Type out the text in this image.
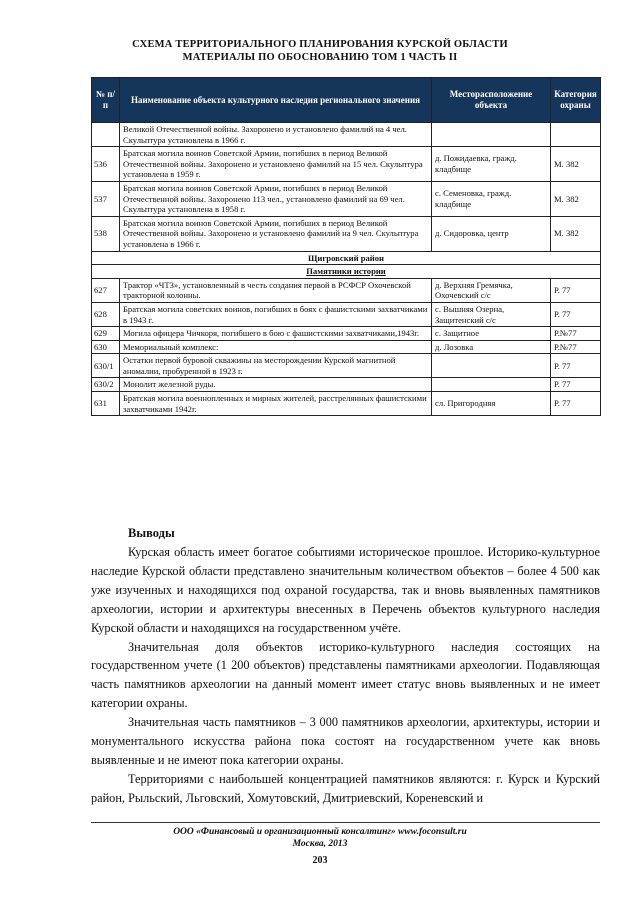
СХЕМА ТЕРРИТОРИАЛЬНОГО ПЛАНИРОВАНИЯ КУРСКОЙ ОБЛАСТИ
МАТЕРИАЛЫ ПО ОБОСНОВАНИЮ ТОМ 1 ЧАСТЬ II
№ п/п	Наименование объекта культурного наследия регионального значения	Месторасположение объекта	Категория охраны
	Великой Отечественной войны. Захоронено и установлено фамилий на 4 чел. Скульптура установлена в 1966 г.		
536	Братская могила воинов Советской Армии, погибших в период Великой Отечественной войны. Захоронено и установлено фамилий на 15 чел. Скульптура установлена в 1959 г.	д. Пожидаевка, гражд. кладбище	М. 382
537	Братская могила воинов Советской Армии, погибших в период Великой Отечественной войны. Захоронено 113 чел., установлено фамилий на 69 чел. Скульптура установлена в 1958 г.	с. Семеновка, гражд. кладбище	М. 382
538	Братская могила воинов Советской Армии, погибших в период Великой Отечественной войны. Захоронено и установлено фамилий на 9 чел. Скульптура установлена в 1966 г.	д. Сидоровка, центр	М. 382
Щигровский район			
Памятники истории			
627	Трактор «ЧТЗ», установленный в честь создания первой в РСФСР Охочевской тракторной колонны.	д. Верхняя Гремячка, Охочевский с/с	Р. 77
628	Братская могила советских воинов, погибших в боях с фашистскими захватчиками в 1943 г.	с. Вышняя Озерна, Защитенский с/с	Р. 77
629	Могила офицера Чичкоря, погибшего в бою с фашистскими захватчиками,1943г.	с. Защитное	Р.№77
630	Мемориальный комплекс:	д. Лозовка	Р.№77
630/1	Остатки первой буровой скважины на месторождении Курской магнитной аномалии, пробуренной в 1923 г.		Р. 77
630/2	Монолит железной руды.		Р. 77
631	Братская могила военнопленных и мирных жителей, расстрелянных фашистскими захватчиками 1942г.	сл. Пригородняя	Р. 77
Выводы

Курская область имеет богатое событиями историческое прошлое. Историко-культурное наследие Курской области представлено значительным количеством объектов – более 4 500 как уже изученных и находящихся под охраной государства, так и вновь выявленных памятников археологии, истории и архитектуры внесенных в Перечень объектов культурного наследия Курской области и находящихся на государственном учёте.

Значительная доля объектов историко-культурного наследия состоящих на государственном учете (1 200 объектов) представлены памятниками археологии. Подавляющая часть памятников археологии на данный момент имеет статус вновь выявленных и не имеет категории охраны.

Значительная часть памятников – 3 000 памятников археологии, архитектуры, истории и монументального искусства района пока состоят на государственном учете как вновь выявленные и не имеют пока категории охраны.

Территориями с наибольшей концентрацией памятников являются: г. Курск и Курский район, Рыльский, Льговский, Хомутовский, Дмитриевский, Кореневский и

ООО «Финансовый и организационный консалтинг» www.foconsult.ru
Москва, 2013
203
